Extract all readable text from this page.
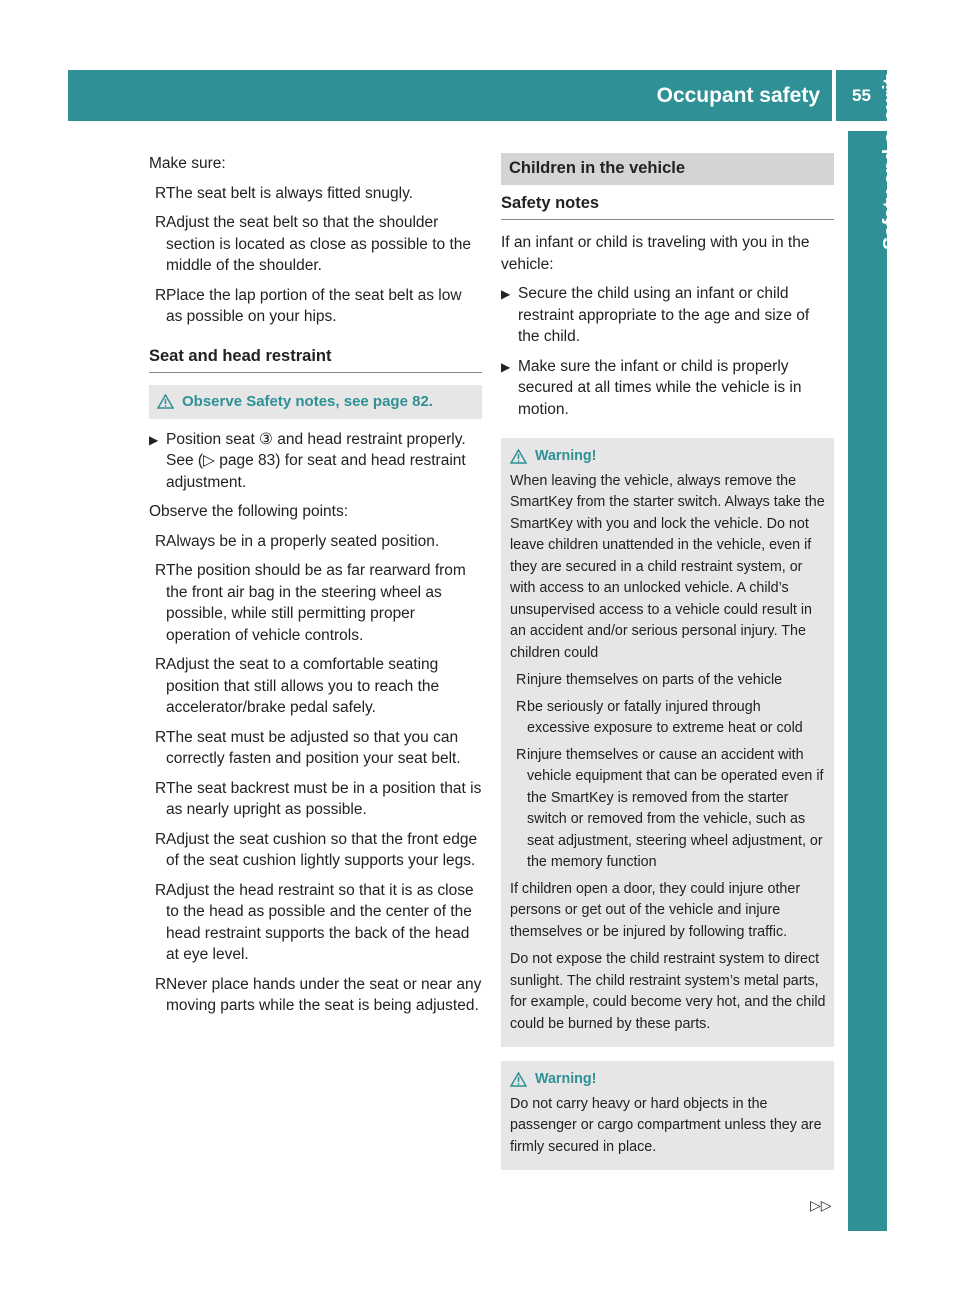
Occupant safety	55 Safety and security

Make sure:

R The seat belt is always fitted snugly.
R Adjust the seat belt so that the shoulder section is located as close as possible to the middle of the shoulder.
R Place the lap portion of the seat belt as low as possible on your hips.
Seat and head restraint
Observe Safety notes, see page 82.
▶ Position seat ③ and head restraint properly. See (▷ page 83) for seat and head restraint adjustment.

Observe the following points:

R Always be in a properly seated position.
R The position should be as far rearward from the front air bag in the steering wheel as possible, while still permitting proper operation of vehicle controls.
R Adjust the seat to a comfortable seating position that still allows you to reach the accelerator/brake pedal safely.
R The seat must be adjusted so that you can correctly fasten and position your seat belt.
R The seat backrest must be in a position that is as nearly upright as possible.
R Adjust the seat cushion so that the front edge of the seat cushion lightly supports your legs.
R Adjust the head restraint so that it is as close to the head as possible and the center of the head restraint supports the back of the head at eye level.
R Never place hands under the seat or near any moving parts while the seat is being adjusted.
Children in the vehicle
Safety notes

If an infant or child is traveling with you in the vehicle:

▶ Secure the child using an infant or child restraint appropriate to the age and size of the child.
▶ Make sure the infant or child is properly secured at all times while the vehicle is in motion.
Warning!

When leaving the vehicle, always remove the SmartKey from the starter switch. Always take the SmartKey with you and lock the vehicle. Do not leave children unattended in the vehicle, even if they are secured in a child restraint system, or with access to an unlocked vehicle. A child’s unsupervised access to a vehicle could result in an accident and/or serious personal injury. The children could

R injure themselves on parts of the vehicle
R be seriously or fatally injured through excessive exposure to extreme heat or cold
R injure themselves or cause an accident with vehicle equipment that can be operated even if the SmartKey is removed from the starter switch or removed from the vehicle, such as seat adjustment, steering wheel adjustment, or the memory function

If children open a door, they could injure other persons or get out of the vehicle and injure themselves or be injured by following traffic.

Do not expose the child restraint system to direct sunlight. The child restraint system’s metal parts, for example, could become very hot, and the child could be burned by these parts.

Warning!

Do not carry heavy or hard objects in the passenger or cargo compartment unless they are firmly secured in place.

▷▷
